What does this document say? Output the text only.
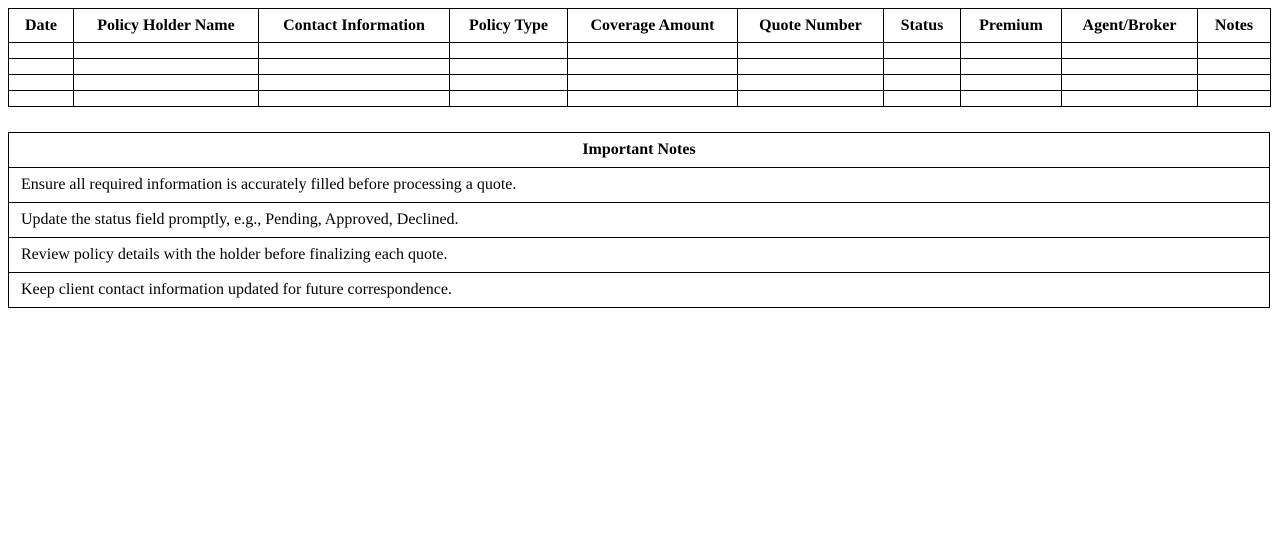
Date	Policy Holder Name	Contact Information	Policy Type	Coverage Amount	Quote Number	Status	Premium	Agent/Broker	Notes

Important Notes
Ensure all required information is accurately filled before processing a quote.
Update the status field promptly, e.g., Pending, Approved, Declined.
Review policy details with the holder before finalizing each quote.
Keep client contact information updated for future correspondence.
